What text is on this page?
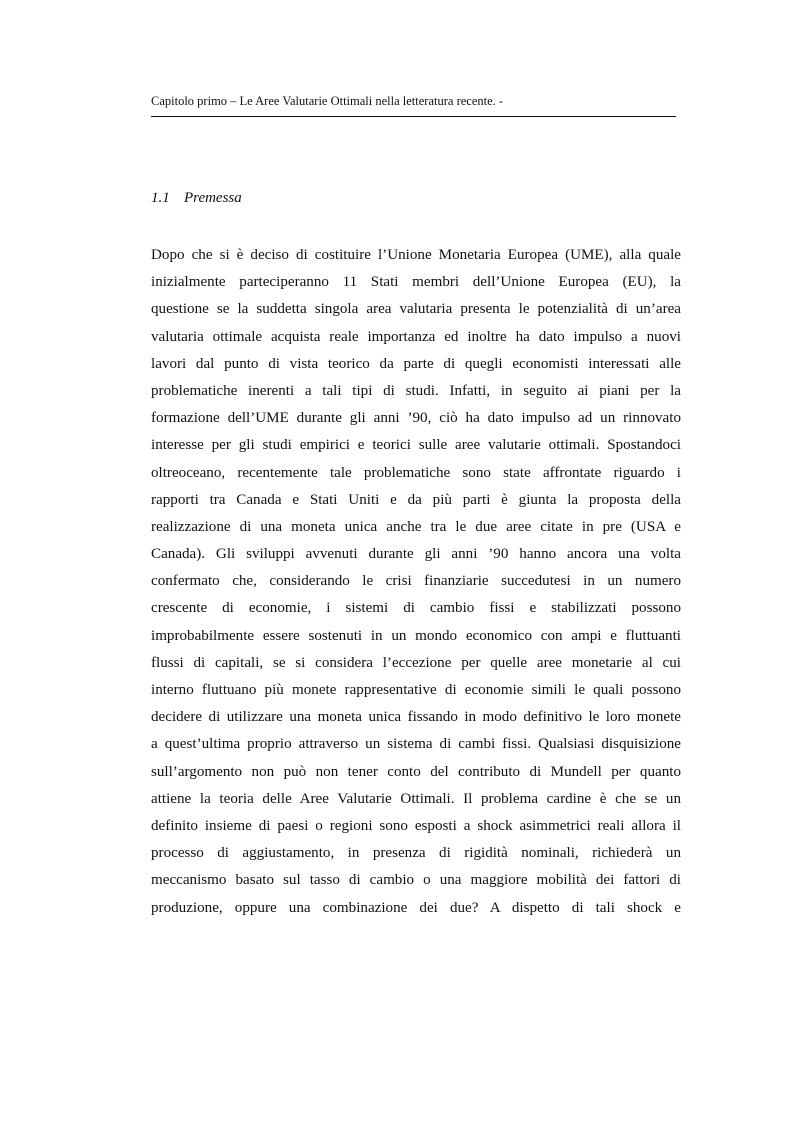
Capitolo primo – Le Aree Valutarie Ottimali nella letteratura recente. -
1.1 Premessa
Dopo che si è deciso di costituire l’Unione Monetaria Europea (UME), alla quale
inizialmente parteciperanno 11 Stati membri dell’Unione Europea (EU), la
questione se la suddetta singola area valutaria presenta le potenzialità di un’area
valutaria ottimale acquista reale importanza ed inoltre ha dato impulso a nuovi
lavori dal punto di vista teorico da parte di quegli economisti interessati alle
problematiche inerenti a tali tipi di studi. Infatti, in seguito ai piani per la
formazione dell’UME durante gli anni ’90, ciò ha dato impulso ad un rinnovato
interesse per gli studi empirici e teorici sulle aree valutarie ottimali. Spostandoci
oltreoceano, recentemente tale problematiche sono state affrontate riguardo i
rapporti tra Canada e Stati Uniti e da più parti è giunta la proposta della
realizzazione di una moneta unica anche tra le due aree citate in pre (USA e
Canada). Gli sviluppi avvenuti durante gli anni ’90 hanno ancora una volta
confermato che, considerando le crisi finanziarie succedutesi in un numero
crescente di economie, i sistemi di cambio fissi e stabilizzati possono
improbabilmente essere sostenuti in un mondo economico con ampi e fluttuanti
flussi di capitali, se si considera l’eccezione per quelle aree monetarie al cui
interno fluttuano più monete rappresentative di economie simili le quali possono
decidere di utilizzare una moneta unica fissando in modo definitivo le loro monete
a quest’ultima proprio attraverso un sistema di cambi fissi. Qualsiasi disquisizione
sull’argomento non può non tener conto del contributo di Mundell per quanto
attiene la teoria delle Aree Valutarie Ottimali. Il problema cardine è che se un
definito insieme di paesi o regioni sono esposti a shock asimmetrici reali allora il
processo di aggiustamento, in presenza di rigidità nominali, richiederà un
meccanismo basato sul tasso di cambio o una maggiore mobilità dei fattori di
produzione, oppure una combinazione dei due? A dispetto di tali shock e
